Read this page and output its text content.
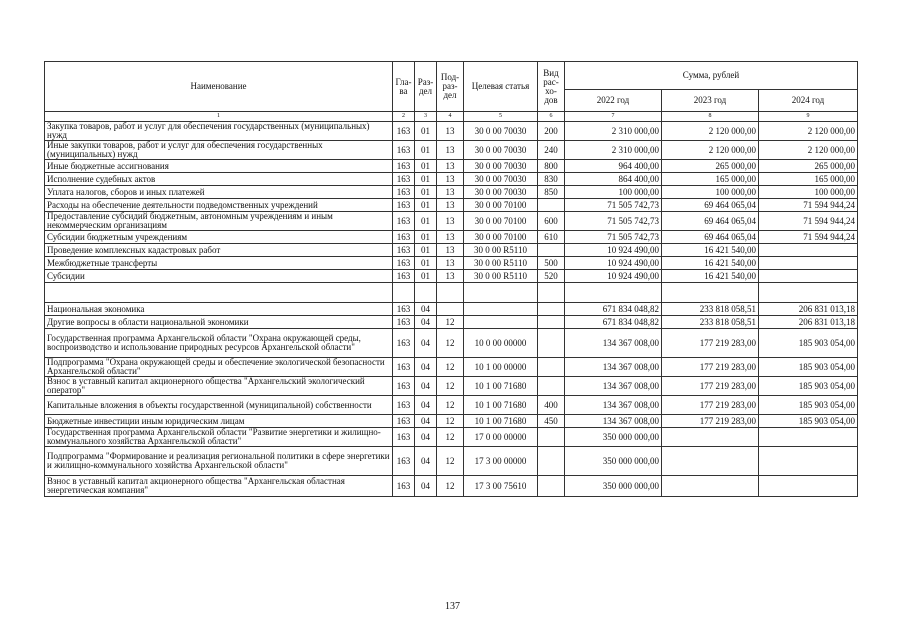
Наименование	Гла-ва	Раз-дел	Под-раз-дел	Целевая статья	Вид рас-хо-дов	Сумма, рублей		
						2022 год	2023 год	2024 год
1	2	3	4	5	6	7	8	9
Закупка товаров, работ и услуг для обеспечения государственных (муниципальных) нужд	163	01	13	30 0 00 70030	200	2 310 000,00	2 120 000,00	2 120 000,00
Иные закупки товаров, работ и услуг для обеспечения государственных (муниципальных) нужд	163	01	13	30 0 00 70030	240	2 310 000,00	2 120 000,00	2 120 000,00
Иные бюджетные ассигнования	163	01	13	30 0 00 70030	800	964 400,00	265 000,00	265 000,00
Исполнение судебных актов	163	01	13	30 0 00 70030	830	864 400,00	165 000,00	165 000,00
Уплата налогов, сборов и иных платежей	163	01	13	30 0 00 70030	850	100 000,00	100 000,00	100 000,00
Расходы на обеспечение деятельности подведомственных учреждений	163	01	13	30 0 00 70100		71 505 742,73	69 464 065,04	71 594 944,24
Предоставление субсидий бюджетным, автономным учреждениям и иным некоммерческим организациям	163	01	13	30 0 00 70100	600	71 505 742,73	69 464 065,04	71 594 944,24
Субсидии бюджетным учреждениям	163	01	13	30 0 00 70100	610	71 505 742,73	69 464 065,04	71 594 944,24
Проведение комплексных кадастровых работ	163	01	13	30 0 00 R5110		10 924 490,00	16 421 540,00	
Межбюджетные трансферты	163	01	13	30 0 00 R5110	500	10 924 490,00	16 421 540,00	
Субсидии	163	01	13	30 0 00 R5110	520	10 924 490,00	16 421 540,00	

Национальная экономика	163	04				671 834 048,82	233 818 058,51	206 831 013,18
Другие вопросы в области национальной экономики	163	04	12			671 834 048,82	233 818 058,51	206 831 013,18
Государственная программа Архангельской области "Охрана окружающей среды, воспроизводство и использование природных ресурсов Архангельской области"	163	04	12	10 0 00 00000		134 367 008,00	177 219 283,00	185 903 054,00
Подпрограмма "Охрана окружающей среды и обеспечение экологической безопасности Архангельской области"	163	04	12	10 1 00 00000		134 367 008,00	177 219 283,00	185 903 054,00
Взнос в уставный капитал акционерного общества "Архангельский экологический оператор"	163	04	12	10 1 00 71680		134 367 008,00	177 219 283,00	185 903 054,00
Капитальные вложения в объекты государственной (муниципальной) собственности	163	04	12	10 1 00 71680	400	134 367 008,00	177 219 283,00	185 903 054,00
Бюджетные инвестиции иным юридическим лицам	163	04	12	10 1 00 71680	450	134 367 008,00	177 219 283,00	185 903 054,00
Государственная программа Архангельской области "Развитие энергетики и жилищно-коммунального хозяйства Архангельской области"	163	04	12	17 0 00 00000		350 000 000,00		
Подпрограмма "Формирование и реализация региональной политики в сфере энергетики и жилищно-коммунального хозяйства Архангельской области"	163	04	12	17 3 00 00000		350 000 000,00		
Взнос в уставный капитал акционерного общества "Архангельская областная энергетическая компания"	163	04	12	17 3 00 75610		350 000 000,00		
137
